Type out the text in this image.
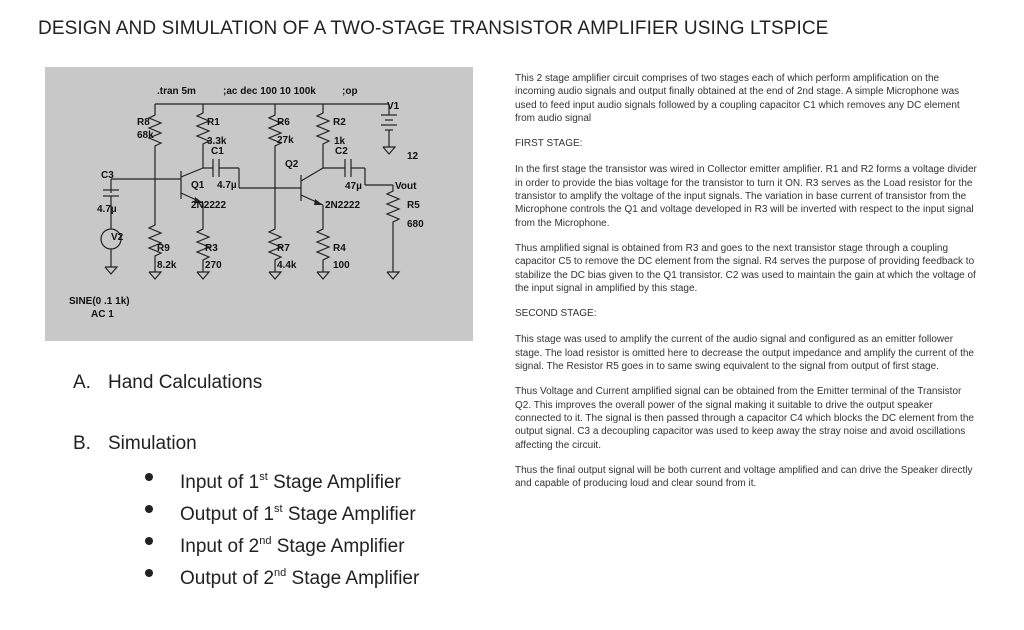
DESIGN AND SIMULATION OF A TWO-STAGE TRANSISTOR AMPLIFIER USING LTSPICE
.tran 5m	;ac dec 100 10 100k	;op
R8
68k
R1
3.3k
C1
R6
27k
R2
1k
C2
V1
12
Q2
C3
4.7µ
Q1 4.7µ	47µ	Vout
2N2222	2N2222	R5
680
V2
R9
8.2k
R3
270
R7
4.4k
R4
100
SINE(0 .1 1k)
AC 1
A. Hand Calculations
B. Simulation
Input of 1st Stage Amplifier
Output of 1st Stage Amplifier
Input of 2nd Stage Amplifier
Output of 2nd Stage Amplifier

This 2 stage amplifier circuit comprises of two stages each of which perform amplification on the incoming audio signals and output finally obtained at the end of 2nd stage. A simple Microphone was used to feed input audio signals followed by a coupling capacitor C1 which removes any DC element from audio signal

FIRST STAGE:

In the first stage the transistor was wired in Collector emitter amplifier. R1 and R2 forms a voltage divider in order to provide the bias voltage for the transistor to turn it ON. R3 serves as the Load resistor for the transistor to amplify the voltage of the input signals. The variation in base current of transistor from the Microphone controls the Q1 and voltage developed in R3 will be inverted with respect to the input signal from the Microphone.

Thus amplified signal is obtained from R3 and goes to the next transistor stage through a coupling capacitor C5 to remove the DC element from the signal. R4 serves the purpose of providing feedback to stabilize the DC bias given to the Q1 transistor. C2 was used to maintain the gain at which the voltage of the input signal in amplified by this stage.

SECOND STAGE:

This stage was used to amplify the current of the audio signal and configured as an emitter follower stage. The load resistor is omitted here to decrease the output impedance and amplify the current of the signal. The Resistor R5 goes in to same swing equivalent to the signal from output of first stage.

Thus Voltage and Current amplified signal can be obtained from the Emitter terminal of the Transistor Q2. This improves the overall power of the signal making it suitable to drive the output speaker connected to it. The signal is then passed through a capacitor C4 which blocks the DC element from the output signal. C3 a decoupling capacitor was used to keep away the stray noise and avoid oscillations affecting the circuit.

Thus the final output signal will be both current and voltage amplified and can drive the Speaker directly and capable of producing loud and clear sound from it.
